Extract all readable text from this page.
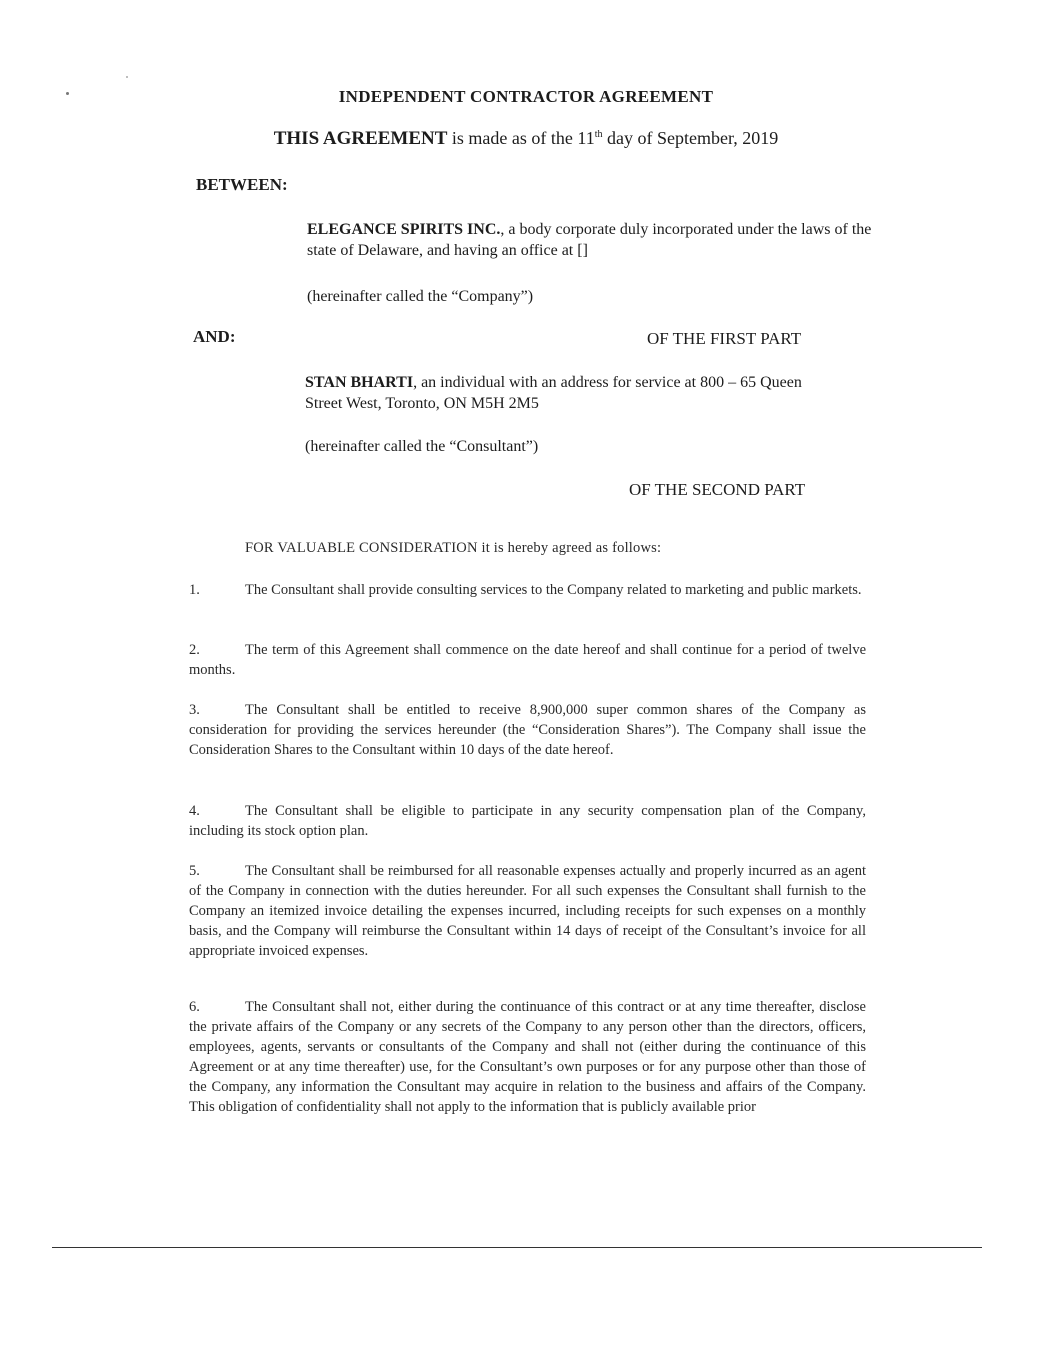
INDEPENDENT CONTRACTOR AGREEMENT
THIS AGREEMENT is made as of the 11th day of September, 2019
BETWEEN:
ELEGANCE SPIRITS INC., a body corporate duly incorporated under the laws of the state of Delaware, and having an office at []
(hereinafter called the “Company”)
AND:	OF THE FIRST PART
STAN BHARTI, an individual with an address for service at 800 – 65 Queen Street West, Toronto, ON M5H 2M5
(hereinafter called the “Consultant”)
OF THE SECOND PART
FOR VALUABLE CONSIDERATION it is hereby agreed as follows:
1.	The Consultant shall provide consulting services to the Company related to marketing and public markets.
2.	The term of this Agreement shall commence on the date hereof and shall continue for a period of twelve months.
3.	The Consultant shall be entitled to receive 8,900,000 super common shares of the Company as consideration for providing the services hereunder (the “Consideration Shares”). The Company shall issue the Consideration Shares to the Consultant within 10 days of the date hereof.
4.	The Consultant shall be eligible to participate in any security compensation plan of the Company, including its stock option plan.
5.	The Consultant shall be reimbursed for all reasonable expenses actually and properly incurred as an agent of the Company in connection with the duties hereunder. For all such expenses the Consultant shall furnish to the Company an itemized invoice detailing the expenses incurred, including receipts for such expenses on a monthly basis, and the Company will reimburse the Consultant within 14 days of receipt of the Consultant’s invoice for all appropriate invoiced expenses.
6.	The Consultant shall not, either during the continuance of this contract or at any time thereafter, disclose the private affairs of the Company or any secrets of the Company to any person other than the directors, officers, employees, agents, servants or consultants of the Company and shall not (either during the continuance of this Agreement or at any time thereafter) use, for the Consultant’s own purposes or for any purpose other than those of the Company, any information the Consultant may acquire in relation to the business and affairs of the Company. This obligation of confidentiality shall not apply to the information that is publicly available prior
